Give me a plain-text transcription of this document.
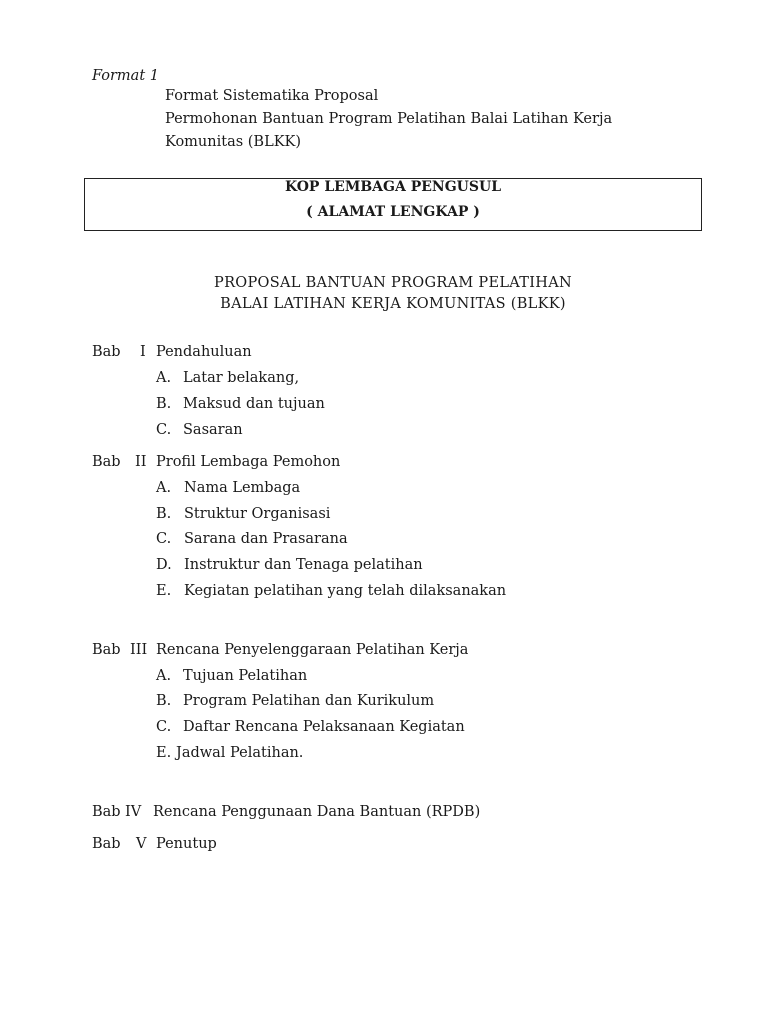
Format 1
Format Sistematika Proposal
Permohonan Bantuan Program Pelatihan Balai Latihan Kerja
Komunitas (BLKK)
KOP LEMBAGA PENGUSUL
( ALAMAT LENGKAP )
PROPOSAL BANTUAN PROGRAM PELATIHAN
BALAI LATIHAN KERJA KOMUNITAS (BLKK)
Bab I Pendahuluan
A. Latar belakang,
B. Maksud dan tujuan
C. Sasaran
Bab II Profil Lembaga Pemohon
A. Nama Lembaga
B. Struktur Organisasi
C. Sarana dan Prasarana
D. Instruktur dan Tenaga pelatihan
E. Kegiatan pelatihan yang telah dilaksanakan
Bab III Rencana Penyelenggaraan Pelatihan Kerja
A. Tujuan Pelatihan
B. Program Pelatihan dan Kurikulum
C. Daftar Rencana Pelaksanaan Kegiatan
E. Jadwal Pelatihan.
Bab IV Rencana Penggunaan Dana Bantuan (RPDB)
Bab V Penutup
